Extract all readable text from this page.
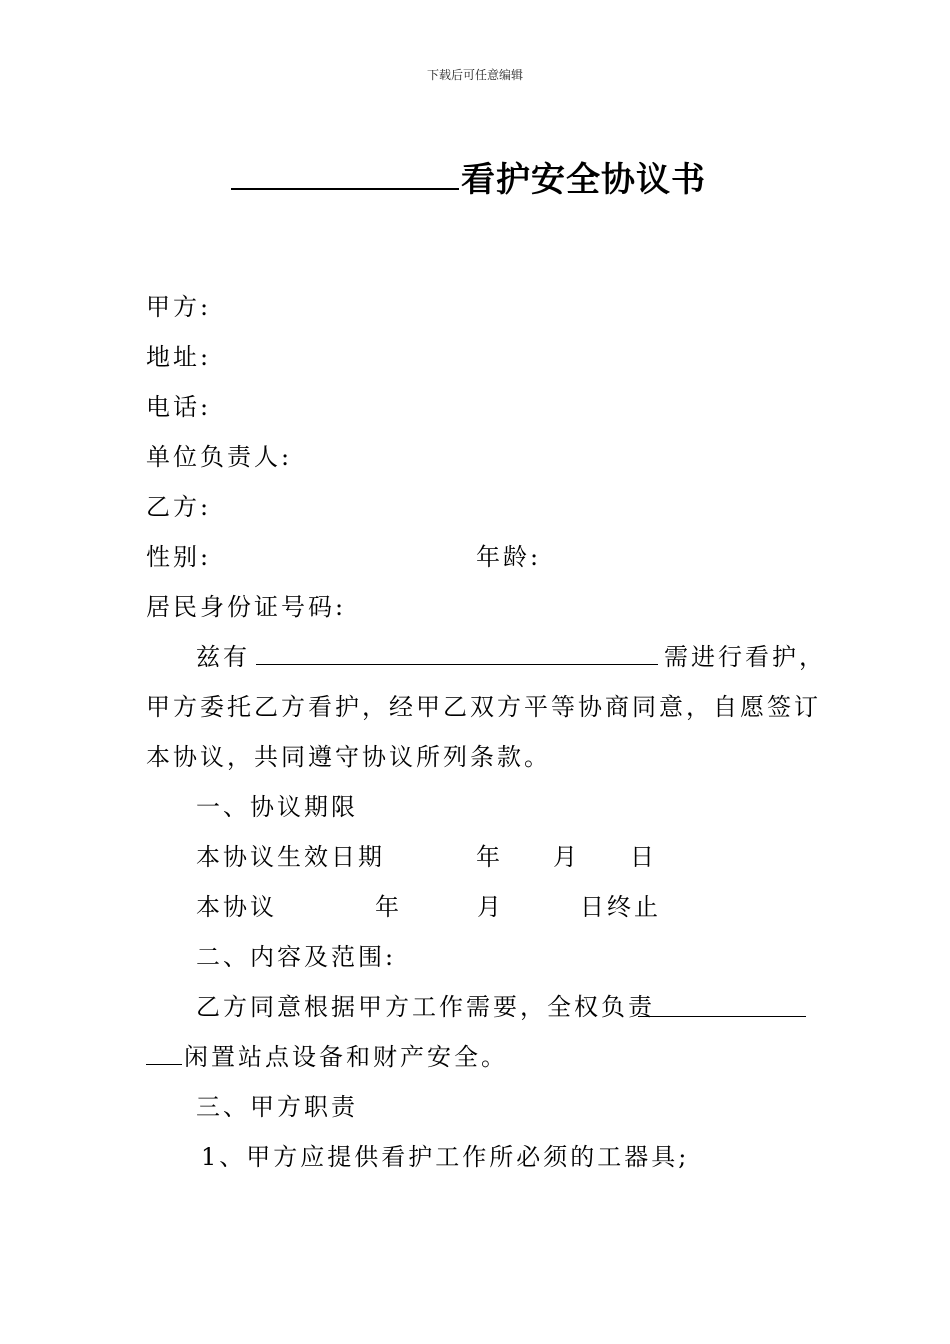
下载后可任意编辑
看护安全协议书
甲方:
地址:
电话:
单位负责人:
乙方:
性别:	年龄:
居民身份证号码:
兹有	需进行看护，
甲方委托乙方看护，经甲乙双方平等协商同意，自愿签订
本协议，共同遵守协议所列条款。
一、协议期限
本协议生效日期	年 月 日
本协议	年	月	日终止
二、内容及范围:
乙方同意根据甲方工作需要，全权负责
闲置站点设备和财产安全。
三、甲方职责
1、甲方应提供看护工作所必须的工器具;
